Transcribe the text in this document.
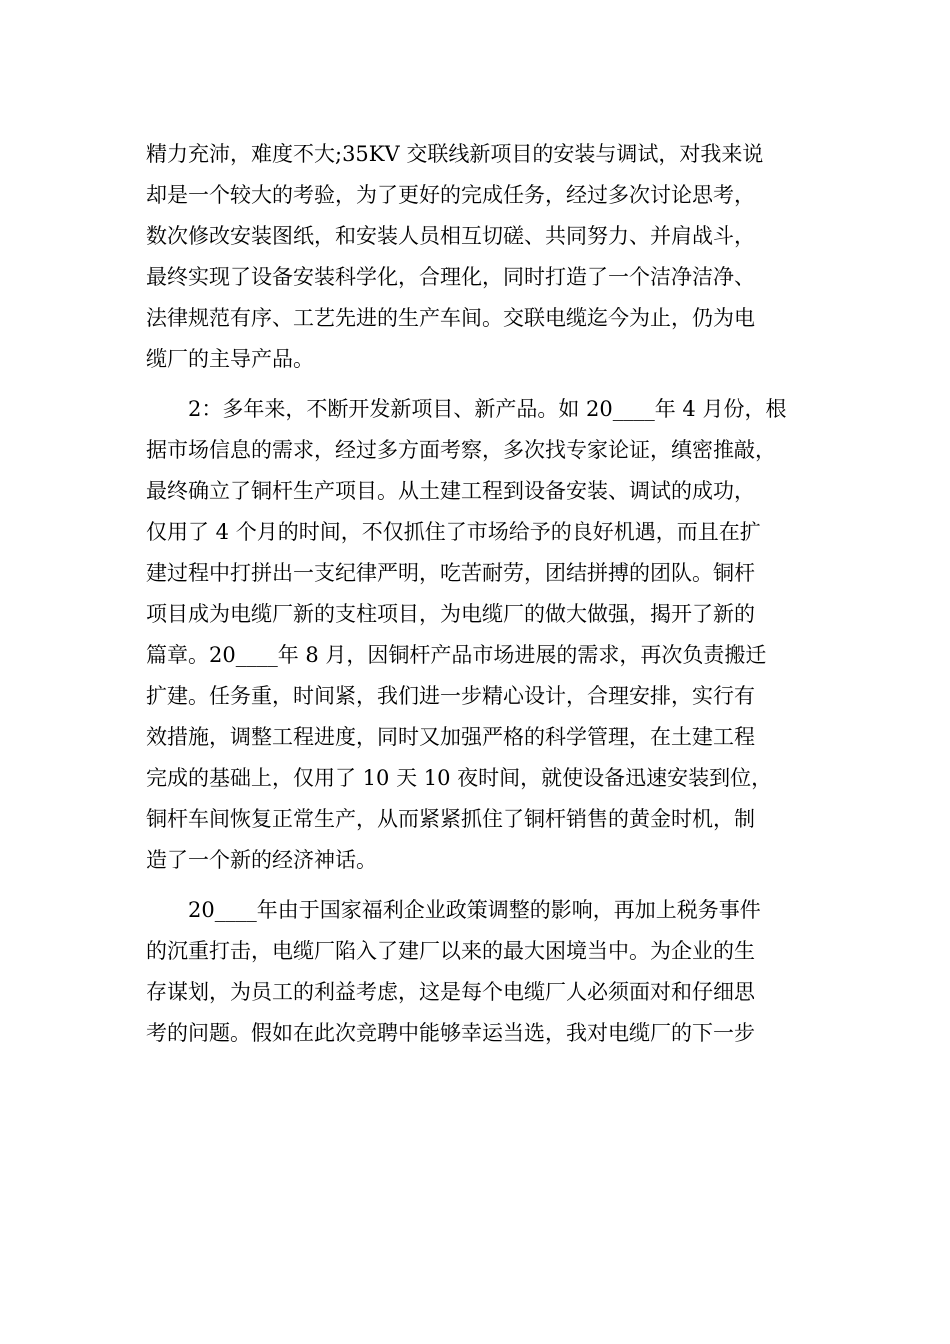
精力充沛，难度不大;35KV 交联线新项目的安装与调试，对我来说
却是一个较大的考验，为了更好的完成任务，经过多次讨论思考，
数次修改安装图纸，和安装人员相互切磋、共同努力、并肩战斗，
最终实现了设备安装科学化，合理化，同时打造了一个洁净洁净、
法律规范有序、工艺先进的生产车间。交联电缆迄今为止，仍为电
缆厂的主导产品。
2：多年来，不断开发新项目、新产品。如 20____年 4 月份，根
据市场信息的需求，经过多方面考察，多次找专家论证，缜密推敲，
最终确立了铜杆生产项目。从土建工程到设备安装、调试的成功，
仅用了 4 个月的时间，不仅抓住了市场给予的良好机遇，而且在扩
建过程中打拼出一支纪律严明，吃苦耐劳，团结拼搏的团队。铜杆
项目成为电缆厂新的支柱项目，为电缆厂的做大做强，揭开了新的
篇章。20____年 8 月，因铜杆产品市场进展的需求，再次负责搬迁
扩建。任务重，时间紧，我们进一步精心设计，合理安排，实行有
效措施，调整工程进度，同时又加强严格的科学管理，在土建工程
完成的基础上，仅用了 10 天 10 夜时间，就使设备迅速安装到位，
铜杆车间恢复正常生产，从而紧紧抓住了铜杆销售的黄金时机，制
造了一个新的经济神话。
20____年由于国家福利企业政策调整的影响，再加上税务事件
的沉重打击，电缆厂陷入了建厂以来的最大困境当中。为企业的生
存谋划，为员工的利益考虑，这是每个电缆厂人必须面对和仔细思
考的问题。假如在此次竞聘中能够幸运当选，我对电缆厂的下一步
